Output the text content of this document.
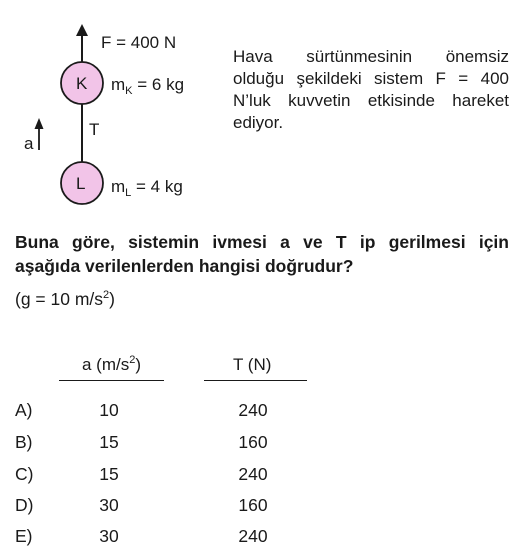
F = 400 N
K $m_K = 6$ kg
T
a
L $m_L = 4$ kg
Hava sürtünmesinin önemsiz
olduğu şekildeki sistem F = 400
N’luk kuvvetin etkisinde hareket
ediyor.
Buna göre, sistemin ivmesi a ve T ip gerilmesi için
aşağıda verilenlerden hangisi doğrudur?
(g = 10 $m/s^2$)
a $(m/s^2)$	T (N)
A)	10	240
B)	15	160
C)	15	240
D)	30	160
E)	30	240
